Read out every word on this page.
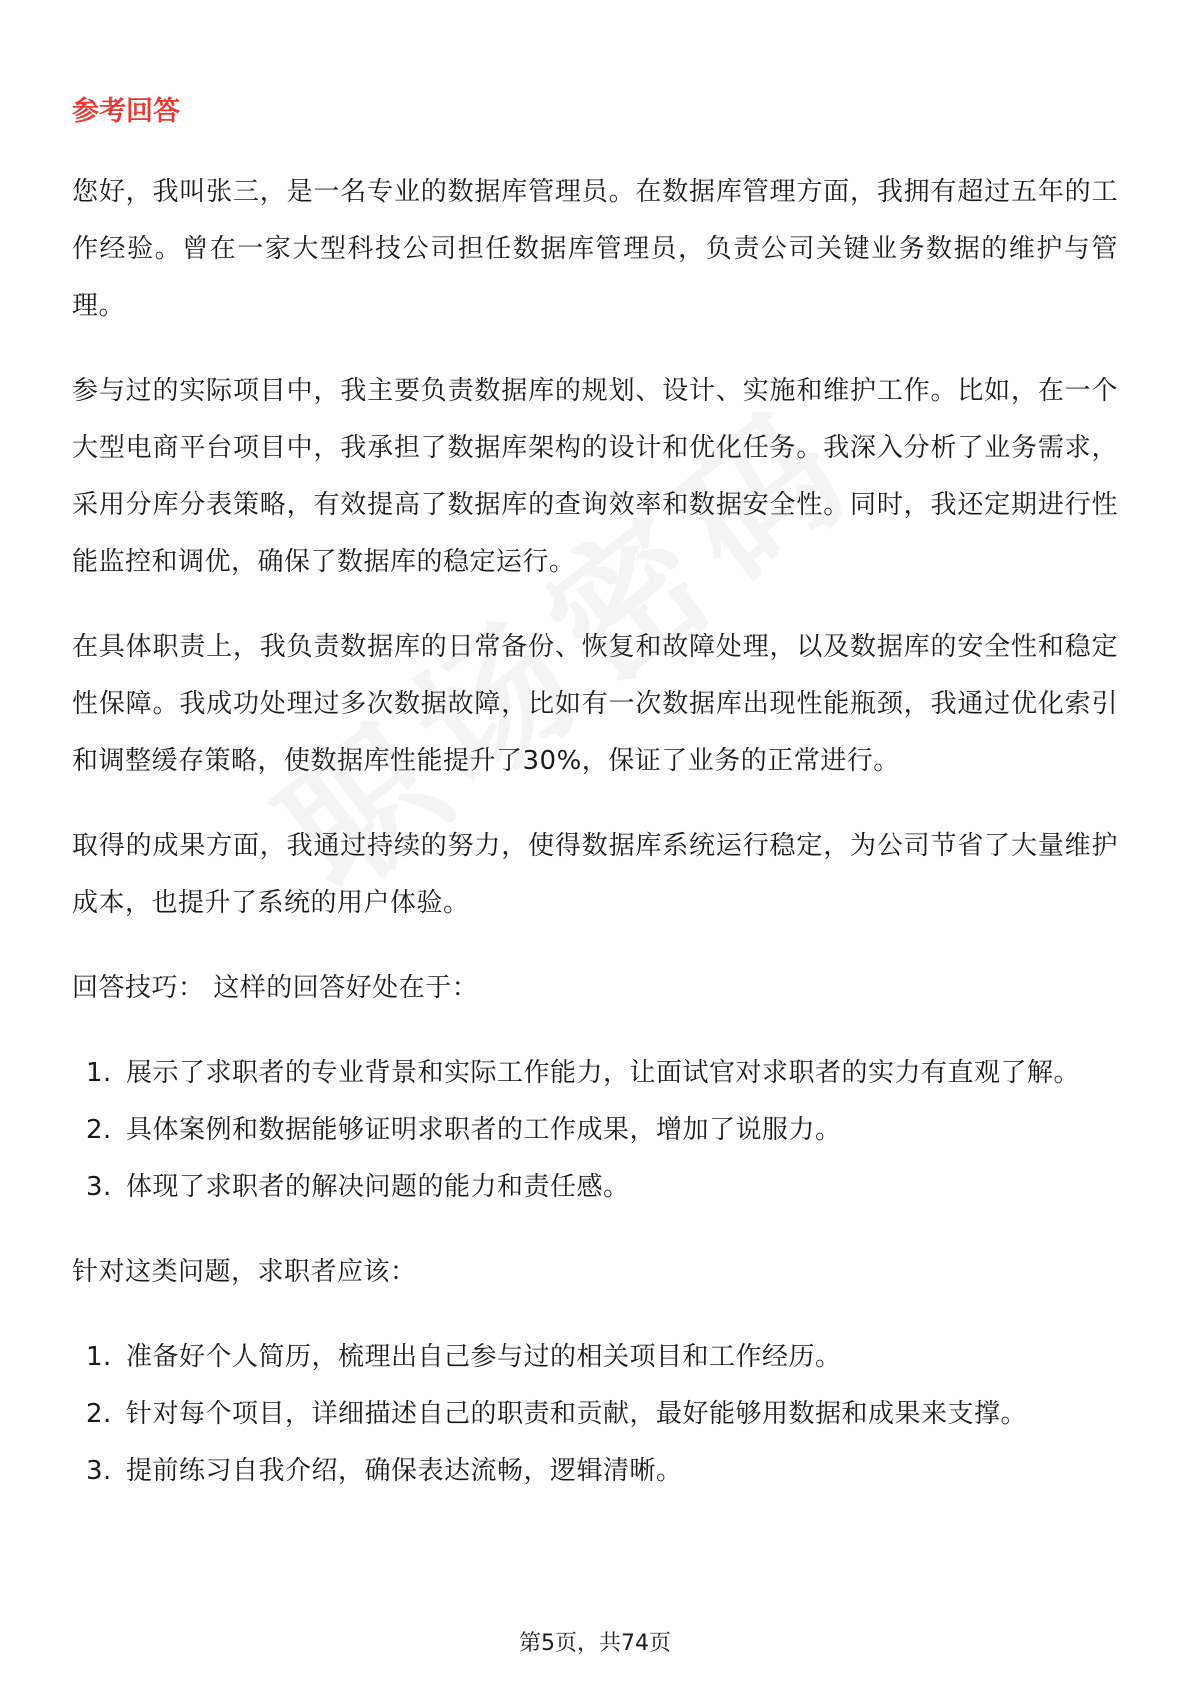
参考回答

您好，我叫张三，是一名专业的数据库管理员。在数据库管理方面，我拥有超过五年的工作经验。曾在一家大型科技公司担任数据库管理员，负责公司关键业务数据的维护与管理。

参与过的实际项目中，我主要负责数据库的规划、设计、实施和维护工作。比如，在一个大型电商平台项目中，我承担了数据库架构的设计和优化任务。我深入分析了业务需求，采用分库分表策略，有效提高了数据库的查询效率和数据安全性。同时，我还定期进行性能监控和调优，确保了数据库的稳定运行。

在具体职责上，我负责数据库的日常备份、恢复和故障处理，以及数据库的安全性和稳定性保障。我成功处理过多次数据故障，比如有一次数据库出现性能瓶颈，我通过优化索引和调整缓存策略，使数据库性能提升了30%，保证了业务的正常进行。

取得的成果方面，我通过持续的努力，使得数据库系统运行稳定，为公司节省了大量维护成本，也提升了系统的用户体验。

回答技巧： 这样的回答好处在于：

1. 展示了求职者的专业背景和实际工作能力，让面试官对求职者的实力有直观了解。
2. 具体案例和数据能够证明求职者的工作成果，增加了说服力。
3. 体现了求职者的解决问题的能力和责任感。

针对这类问题，求职者应该：

1. 准备好个人简历，梳理出自己参与过的相关项目和工作经历。
2. 针对每个项目，详细描述自己的职责和贡献，最好能够用数据和成果来支撑。
3. 提前练习自我介绍，确保表达流畅，逻辑清晰。
第5页，共74页
